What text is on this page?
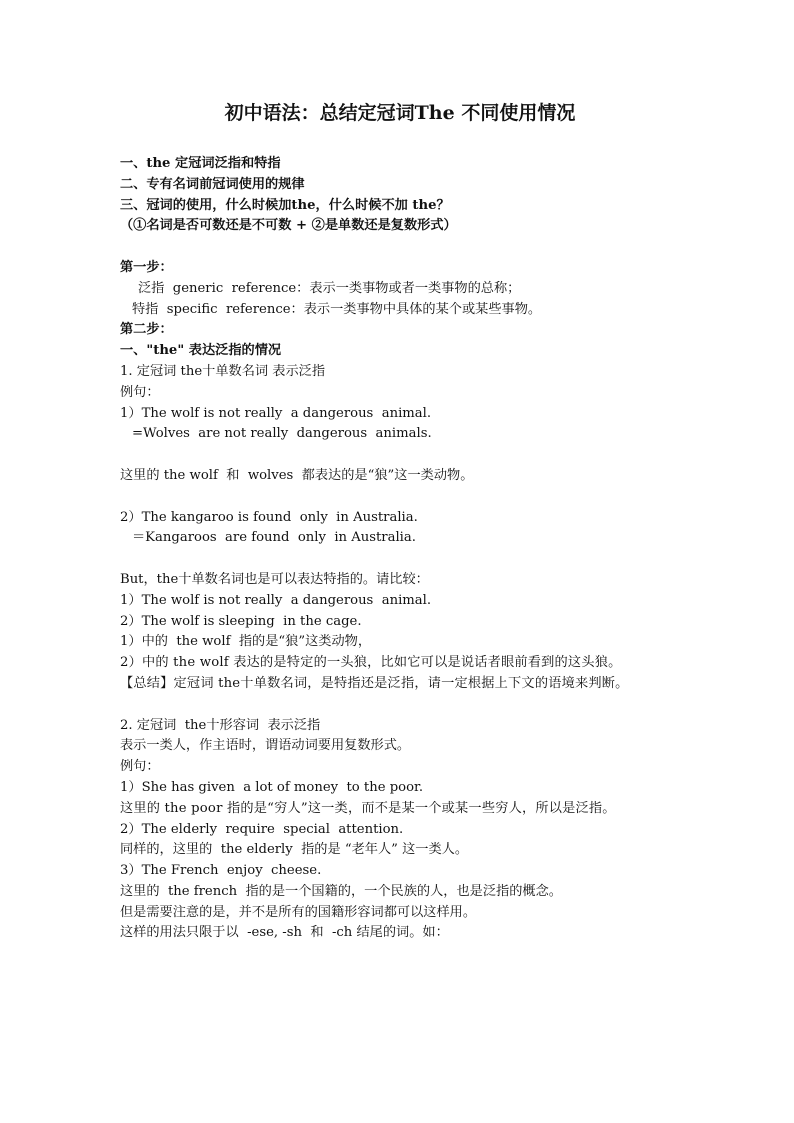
初中语法：总结定冠词The 不同使用情况

一、the 定冠词泛指和特指

二、专有名词前冠词使用的规律

三、冠词的使用，什么时候加the，什么时候不加 the？

（①名词是否可数还是不可数 + ②是单数还是复数形式）

第一步：

泛指  generic  reference：表示一类事物或者一类事物的总称；

特指  specific  reference：表示一类事物中具体的某个或某些事物。

第二步：

一、"the" 表达泛指的情况

1. 定冠词 the十单数名词 表示泛指

例句：

1）The wolf is not really  a dangerous  animal.

=Wolves  are not really  dangerous  animals.

这里的 the wolf  和  wolves  都表达的是“狼”这一类动物。

2）The kangaroo is found  only  in Australia.

＝Kangaroos  are found  only  in Australia.

But，the十单数名词也是可以表达特指的。请比较：

1）The wolf is not really  a dangerous  animal.

2）The wolf is sleeping  in the cage.

1）中的  the wolf  指的是“狼”这类动物，

2）中的 the wolf 表达的是特定的一头狼，比如它可以是说话者眼前看到的这头狼。

【总结】定冠词 the十单数名词，是特指还是泛指，请一定根据上下文的语境来判断。

2. 定冠词  the十形容词  表示泛指

表示一类人，作主语时，谓语动词要用复数形式。

例句：

1）She has given  a lot of money  to the poor.

这里的 the poor 指的是“穷人”这一类，而不是某一个或某一些穷人，所以是泛指。

2）The elderly  require  special  attention.

同样的，这里的  the elderly  指的是 “老年人” 这一类人。

3）The French  enjoy  cheese.

这里的  the french  指的是一个国籍的，一个民族的人，也是泛指的概念。

但是需要注意的是，并不是所有的国籍形容词都可以这样用。

这样的用法只限于以  -ese, -sh  和  -ch 结尾的词。如：
